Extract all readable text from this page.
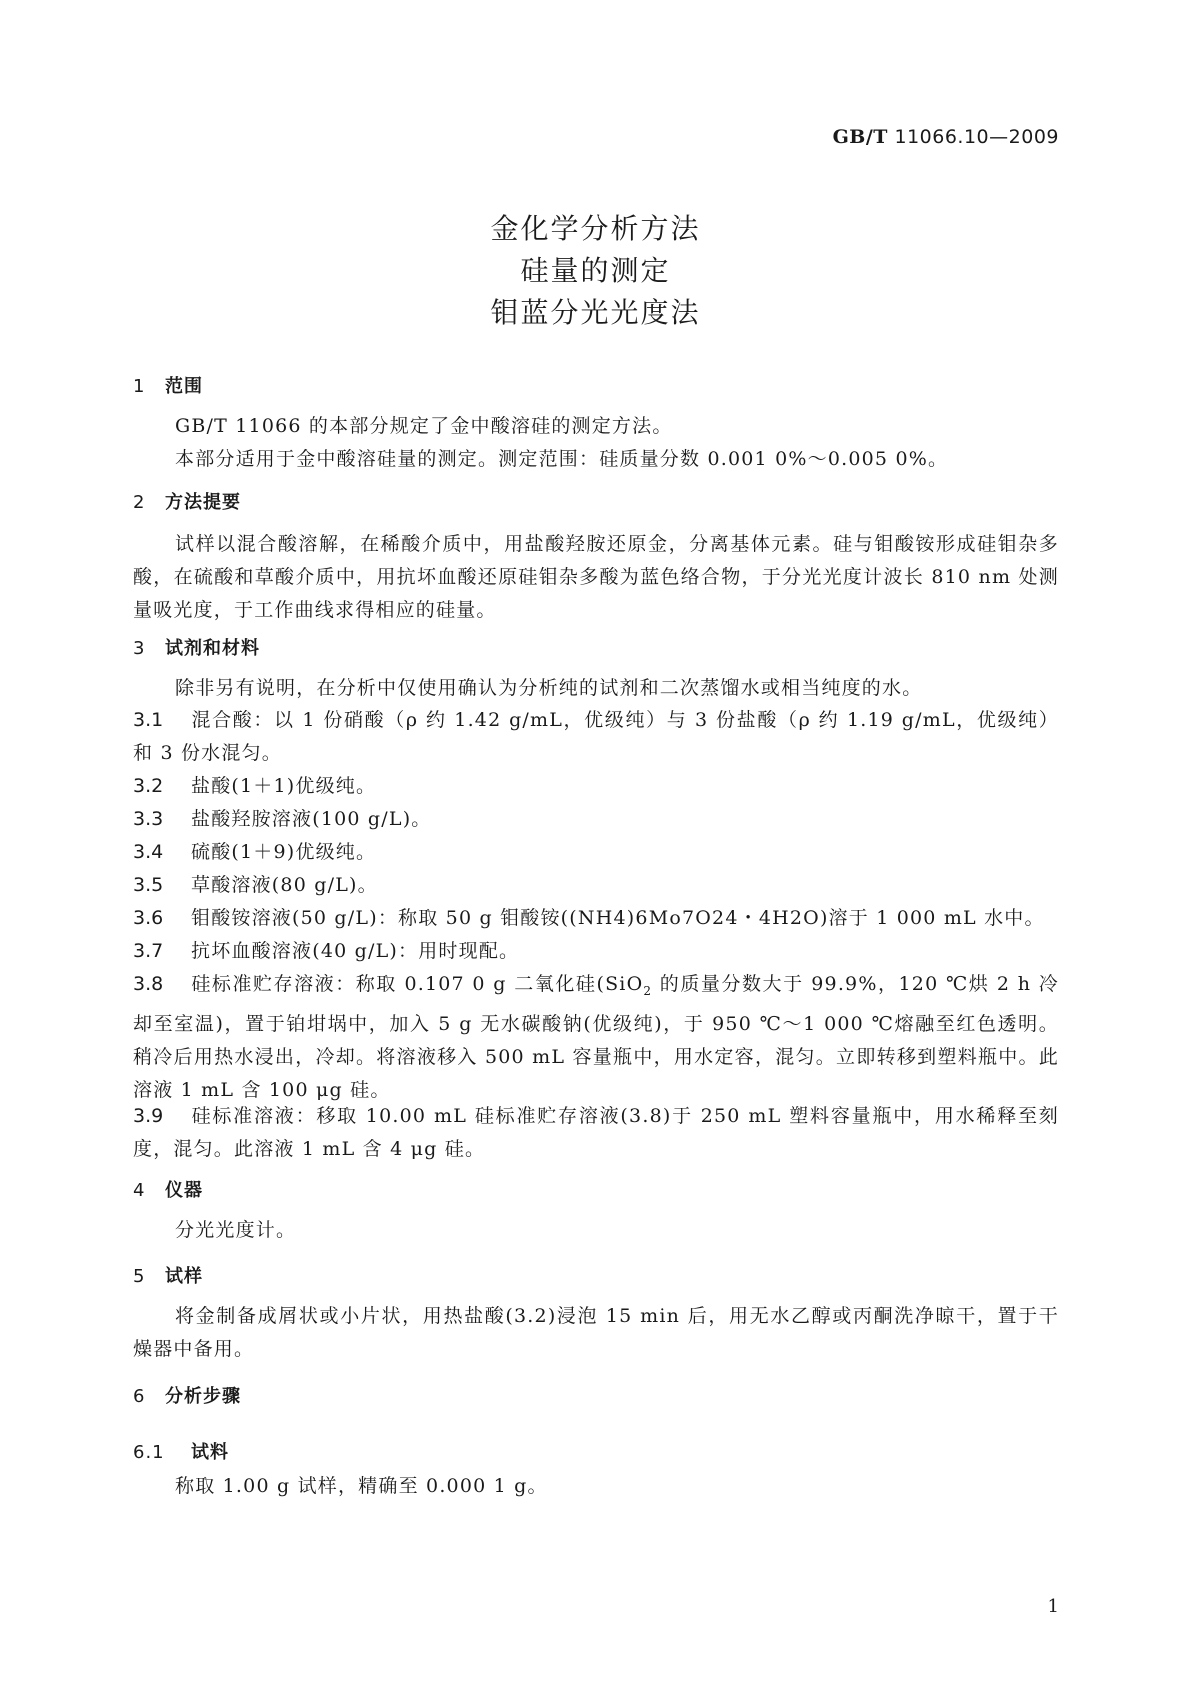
GB/T 11066.10—2009
金化学分析方法
硅量的测定
钼蓝分光光度法
1 范围
GB/T 11066 的本部分规定了金中酸溶硅的测定方法。
本部分适用于金中酸溶硅量的测定。测定范围：硅质量分数 0.001 0%～0.005 0%。
2 方法提要
试样以混合酸溶解，在稀酸介质中，用盐酸羟胺还原金，分离基体元素。硅与钼酸铵形成硅钼杂多酸，在硫酸和草酸介质中，用抗坏血酸还原硅钼杂多酸为蓝色络合物，于分光光度计波长 810 nm 处测量吸光度，于工作曲线求得相应的硅量。
3 试剂和材料
除非另有说明，在分析中仅使用确认为分析纯的试剂和二次蒸馏水或相当纯度的水。
3.1 混合酸：以 1 份硝酸（ρ 约 1.42 g/mL，优级纯）与 3 份盐酸（ρ 约 1.19 g/mL，优级纯）和 3 份水混匀。
3.2 盐酸(1＋1)优级纯。
3.3 盐酸羟胺溶液(100 g/L)。
3.4 硫酸(1＋9)优级纯。
3.5 草酸溶液(80 g/L)。
3.6 钼酸铵溶液(50 g/L)：称取 50 g 钼酸铵((NH4)6Mo7O24・4H2O)溶于 1 000 mL 水中。
3.7 抗坏血酸溶液(40 g/L)：用时现配。
3.8 硅标准贮存溶液：称取 0.107 0 g 二氧化硅(SiO$_2$ 的质量分数大于 99.9%，120 ℃烘 2 h 冷却至室温)，置于铂坩埚中，加入 5 g 无水碳酸钠(优级纯)，于 950 ℃～1 000 ℃熔融至红色透明。稍冷后用热水浸出，冷却。将溶液移入 500 mL 容量瓶中，用水定容，混匀。立即转移到塑料瓶中。此溶液 1 mL 含 100 μg 硅。
3.9 硅标准溶液：移取 10.00 mL 硅标准贮存溶液(3.8)于 250 mL 塑料容量瓶中，用水稀释至刻度，混匀。此溶液 1 mL 含 4 μg 硅。
4 仪器
分光光度计。
5 试样
将金制备成屑状或小片状，用热盐酸(3.2)浸泡 15 min 后，用无水乙醇或丙酮洗净晾干，置于干燥器中备用。
6 分析步骤
6.1 试料
称取 1.00 g 试样，精确至 0.000 1 g。
1
